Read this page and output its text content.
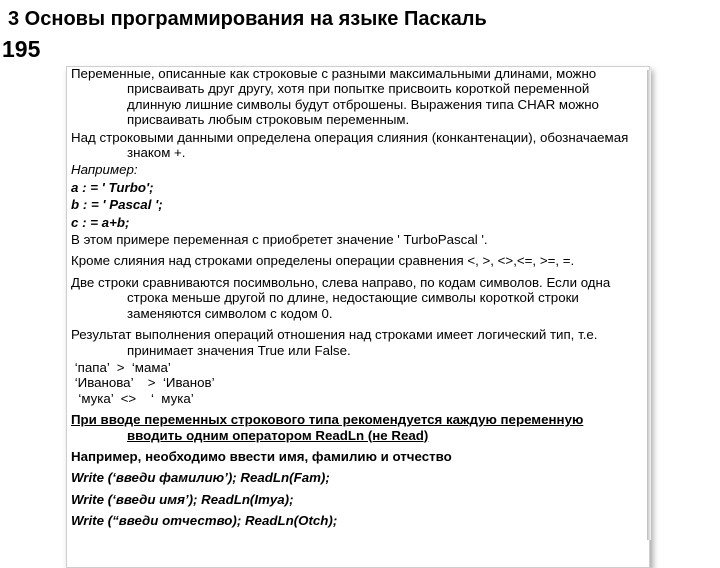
3 Основы программирования на языке Паскаль
195
Переменные, описанные как строковые с разными максимальными длинами, можно присваивать друг другу, хотя при попытке присвоить короткой переменной длинную лишние символы будут отброшены. Выражения типа CHAR можно присваивать любым строковым переменным.
Над строковыми данными определена операция слияния (конкантенации), обозначаемая знаком +.
Например:
a : = ' Turbo';
b : = ' Pascal ';
c : = a+b;
В этом примере переменная с приобретет значение ' TurboPascal '.
Кроме слияния над строками определены операции сравнения <, >, <>,<=, >=, =.
Две строки сравниваются посимвольно, слева направо, по кодам символов. Если одна строка меньше другой по длине, недостающие символы короткой строки заменяются символом с кодом 0.
Результат выполнения операций отношения над строками имеет логический тип, т.е. принимает значения True или False.
‘папа’  >  ‘мама’
‘Иванова’    >  ‘Иванов’
‘мука’  <>    ‘  мука’
При вводе переменных строкового типа рекомендуется каждую переменную вводить одним оператором ReadLn (не Read)
Например, необходимо ввести имя, фамилию и отчество
Write (‘введи фамилию’); ReadLn(Fam);
Write (‘введи имя’); ReadLn(Imya);
Write (“введи отчество); ReadLn(Otch);
